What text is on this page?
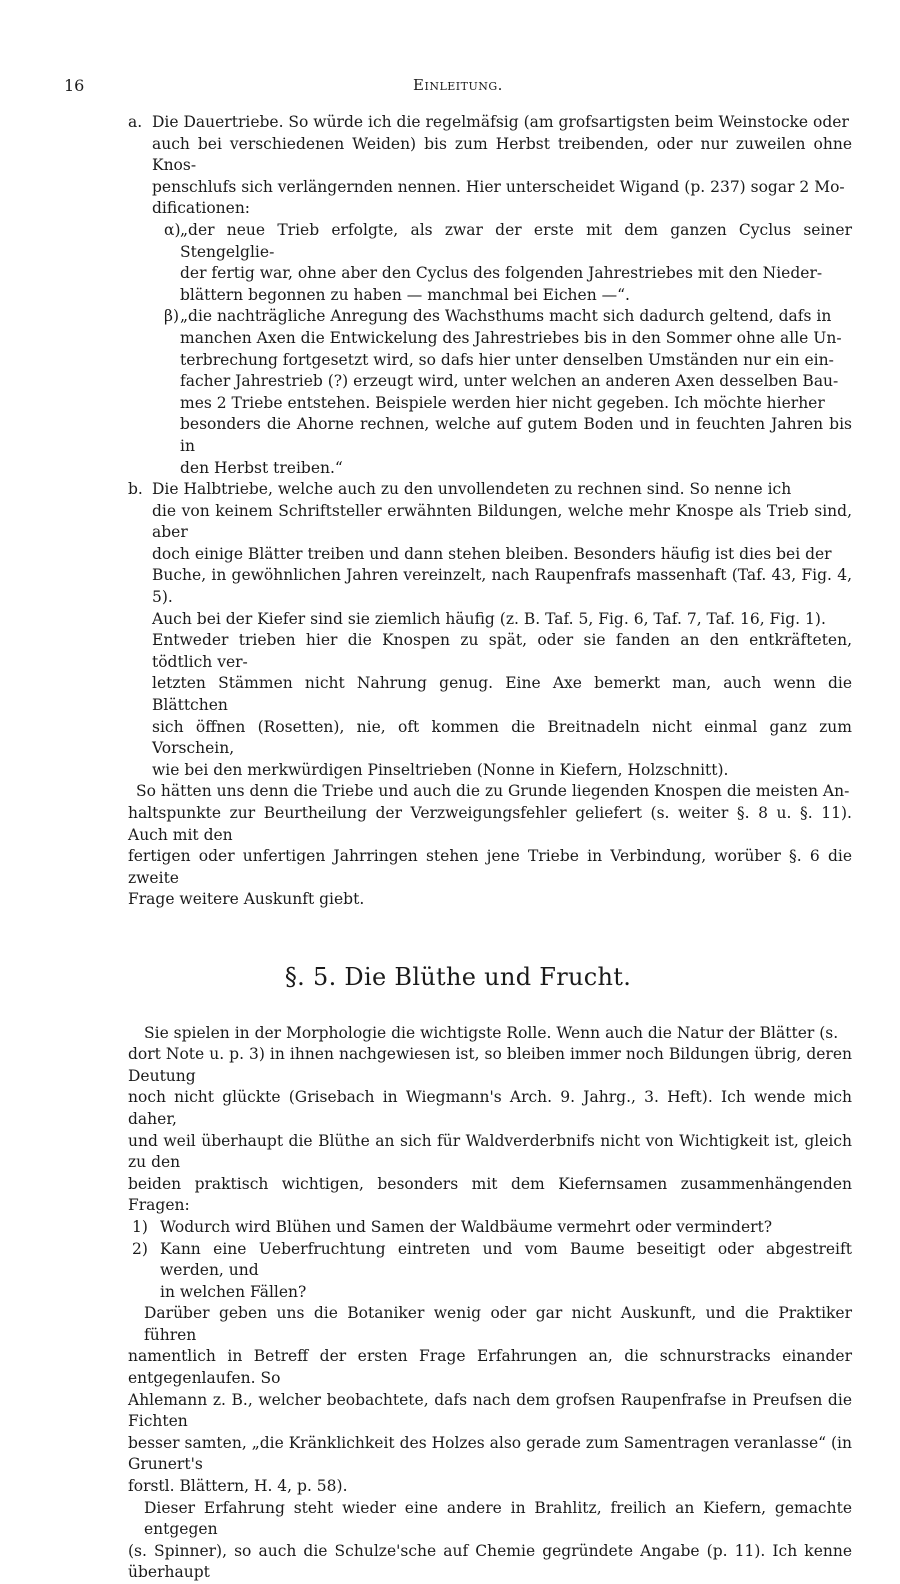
16	Einleitung.
a. Die Dauertriebe. So würde ich die regelmäfsig (am grofsartigsten beim Weinstocke oder
auch bei verschiedenen Weiden) bis zum Herbst treibenden, oder nur zuweilen ohne Knos-
penschlufs sich verlängernden nennen. Hier unterscheidet Wigand (p. 237) sogar 2 Mo-
dificationen:
α) „der neue Trieb erfolgte, als zwar der erste mit dem ganzen Cyclus seiner Stengelglie-
der fertig war, ohne aber den Cyclus des folgenden Jahrestriebes mit den Nieder-
blättern begonnen zu haben — manchmal bei Eichen —“.
β) „die nachträgliche Anregung des Wachsthums macht sich dadurch geltend, dafs in
manchen Axen die Entwickelung des Jahrestriebes bis in den Sommer ohne alle Un-
terbrechung fortgesetzt wird, so dafs hier unter denselben Umständen nur ein ein-
facher Jahrestrieb (?) erzeugt wird, unter welchen an anderen Axen desselben Bau-
mes 2 Triebe entstehen. Beispiele werden hier nicht gegeben. Ich möchte hierher
besonders die Ahorne rechnen, welche auf gutem Boden und in feuchten Jahren bis in
den Herbst treiben.“
b. Die Halbtriebe, welche auch zu den unvollendeten zu rechnen sind. So nenne ich
die von keinem Schriftsteller erwähnten Bildungen, welche mehr Knospe als Trieb sind, aber
doch einige Blätter treiben und dann stehen bleiben. Besonders häufig ist dies bei der
Buche, in gewöhnlichen Jahren vereinzelt, nach Raupenfrafs massenhaft (Taf. 43, Fig. 4, 5).
Auch bei der Kiefer sind sie ziemlich häufig (z. B. Taf. 5, Fig. 6, Taf. 7, Taf. 16, Fig. 1).
Entweder trieben hier die Knospen zu spät, oder sie fanden an den entkräfteten, tödtlich ver-
letzten Stämmen nicht Nahrung genug. Eine Axe bemerkt man, auch wenn die Blättchen
sich öffnen (Rosetten), nie, oft kommen die Breitnadeln nicht einmal ganz zum Vorschein,
wie bei den merkwürdigen Pinseltrieben (Nonne in Kiefern, Holzschnitt).
So hätten uns denn die Triebe und auch die zu Grunde liegenden Knospen die meisten An-
haltspunkte zur Beurtheilung der Verzweigungsfehler geliefert (s. weiter §. 8 u. §. 11). Auch mit den
fertigen oder unfertigen Jahrringen stehen jene Triebe in Verbindung, worüber §. 6 die zweite
Frage weitere Auskunft giebt.
§. 5. Die Blüthe und Frucht.
Sie spielen in der Morphologie die wichtigste Rolle. Wenn auch die Natur der Blätter (s.
dort Note u. p. 3) in ihnen nachgewiesen ist, so bleiben immer noch Bildungen übrig, deren Deutung
noch nicht glückte (Grisebach in Wiegmann's Arch. 9. Jahrg., 3. Heft). Ich wende mich daher,
und weil überhaupt die Blüthe an sich für Waldverderbnifs nicht von Wichtigkeit ist, gleich zu den
beiden praktisch wichtigen, besonders mit dem Kiefernsamen zusammenhängenden Fragen:
1) Wodurch wird Blühen und Samen der Waldbäume vermehrt oder vermindert?
2) Kann eine Ueberfruchtung eintreten und vom Baume beseitigt oder abgestreift werden, und
in welchen Fällen?
Darüber geben uns die Botaniker wenig oder gar nicht Auskunft, und die Praktiker führen
namentlich in Betreff der ersten Frage Erfahrungen an, die schnurstracks einander entgegenlaufen. So
Ahlemann z. B., welcher beobachtete, dafs nach dem grofsen Raupenfrafse in Preufsen die Fichten
besser samten, „die Kränklichkeit des Holzes also gerade zum Samentragen veranlasse“ (in Grunert's
forstl. Blättern, H. 4, p. 58).
Dieser Erfahrung steht wieder eine andere in Brahlitz, freilich an Kiefern, gemachte entgegen
(s. Spinner), so auch die Schulze'sche auf Chemie gegründete Angabe (p. 11). Ich kenne überhaupt
